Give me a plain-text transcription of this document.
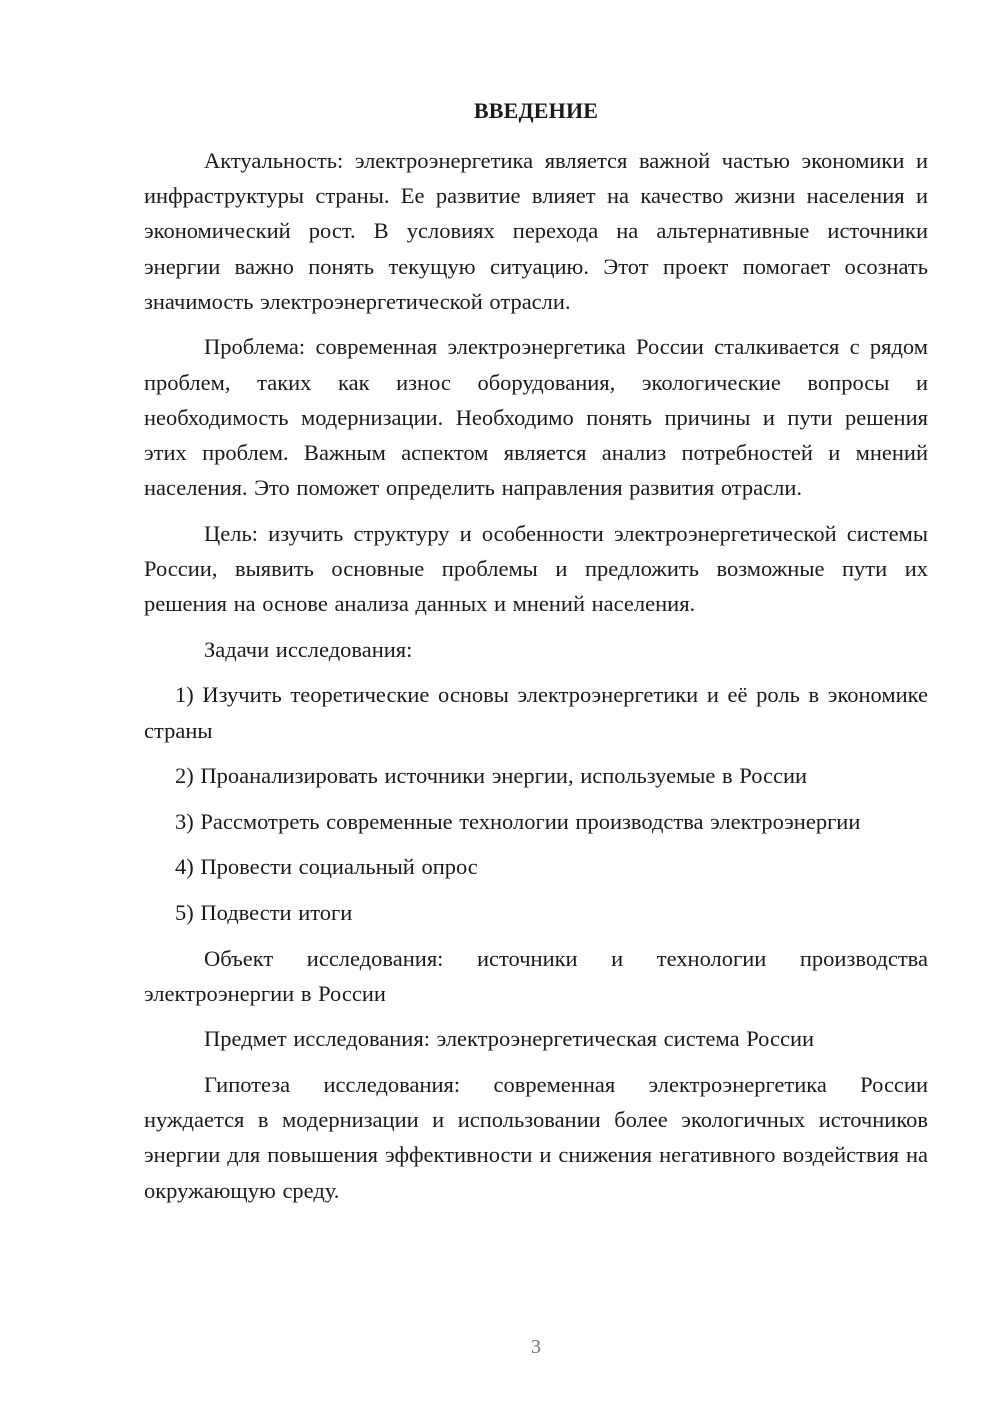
ВВЕДЕНИЕ

Актуальность: электроэнергетика является важной частью экономики и инфраструктуры страны. Ее развитие влияет на качество жизни населения и экономический рост. В условиях перехода на альтернативные источники энергии важно понять текущую ситуацию. Этот проект помогает осознать значимость электроэнергетической отрасли.

Проблема: современная электроэнергетика России сталкивается с рядом проблем, таких как износ оборудования, экологические вопросы и необходимость модернизации. Необходимо понять причины и пути решения этих проблем. Важным аспектом является анализ потребностей и мнений населения. Это поможет определить направления развития отрасли.

Цель: изучить структуру и особенности электроэнергетической системы России, выявить основные проблемы и предложить возможные пути их решения на основе анализа данных и мнений населения.

Задачи исследования:

1) Изучить теоретические основы электроэнергетики и её роль в экономике страны

2) Проанализировать источники энергии, используемые в России

3) Рассмотреть современные технологии производства электроэнергии

4) Провести социальный опрос

5) Подвести итоги

Объект исследования: источники и технологии производства электроэнергии в России

Предмет исследования: электроэнергетическая система России

Гипотеза исследования: современная электроэнергетика России нуждается в модернизации и использовании более экологичных источников энергии для повышения эффективности и снижения негативного воздействия на окружающую среду.

3
